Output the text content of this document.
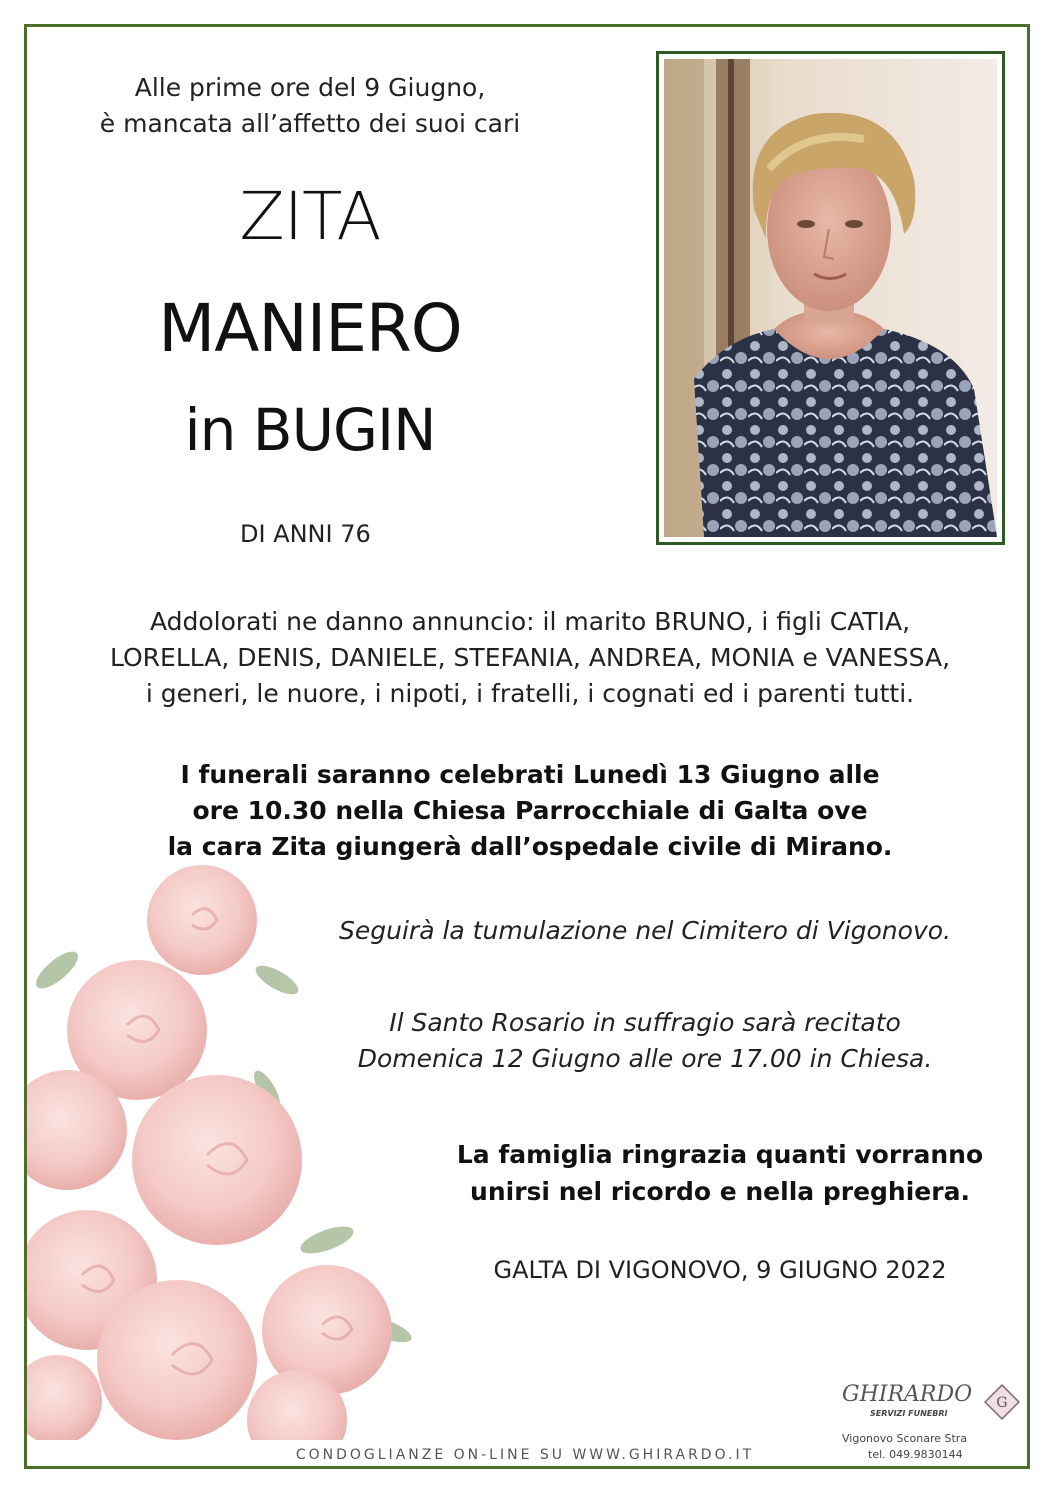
Alle prime ore del 9 Giugno,
è mancata all’affetto dei suoi cari
ZITA
MANIERO
in BUGIN
DI ANNI 76
Addolorati ne danno annuncio: il marito BRUNO, i figli CATIA,
LORELLA, DENIS, DANIELE, STEFANIA, ANDREA, MONIA e VANESSA,
i generi, le nuore, i nipoti, i fratelli, i cognati ed i parenti tutti.
I funerali saranno celebrati Lunedì 13 Giugno alle
ore 10.30 nella Chiesa Parrocchiale di Galta ove
la cara Zita giungerà dall’ospedale civile di Mirano.
Seguirà la tumulazione nel Cimitero di Vigonovo.
Il Santo Rosario in suffragio sarà recitato
Domenica 12 Giugno alle ore 17.00 in Chiesa.
La famiglia ringrazia quanti vorranno
unirsi nel ricordo e nella preghiera.
GALTA DI VIGONOVO, 9 GIUGNO 2022
CONDOGLIANZE ON-LINE SU WWW.GHIRARDO.IT
GHIRARDO
SERVIZI FUNEBRI
G
Vigonovo Sconare Stra
tel. 049.9830144
